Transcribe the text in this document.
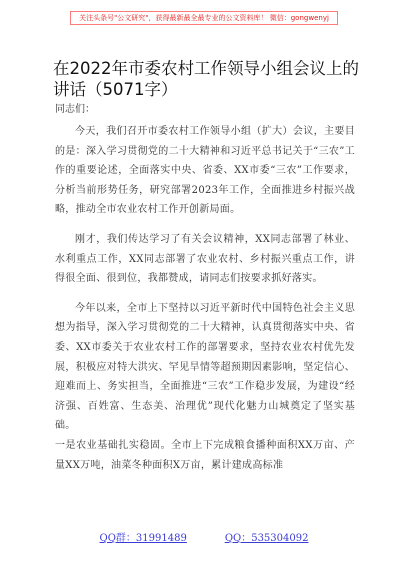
关注头条号"公文研究"，获得最新最全最专业的公文资料库！ 微信：gongwenyj
在2022年市委农村工作领导小组会议上的讲话（5071字）
同志们：

今天，我们召开市委农村工作领导小组（扩大）会议，主要目的是：深入学习贯彻党的二十大精神和习近平总书记关于“三农”工作的重要论述，全面落实中央、省委、XX市委“三农”工作要求，分析当前形势任务，研究部署2023年工作，全面推进乡村振兴战略，推动全市农业农村工作开创新局面。

刚才，我们传达学习了有关会议精神，XX同志部署了林业、水利重点工作，XX同志部署了农业农村、乡村振兴重点工作，讲得很全面、很到位，我都赞成，请同志们按要求抓好落实。

今年以来，全市上下坚持以习近平新时代中国特色社会主义思想为指导，深入学习贯彻党的二十大精神，认真贯彻落实中央、省委、XX市委关于农业农村工作的部署要求，坚持农业农村优先发展，积极应对特大洪灾、罕见旱情等超预期因素影响，坚定信心、迎难而上、务实担当，全面推进“三农”工作稳步发展，为建设“经济强、百姓富、生态美、治理优”现代化魅力山城奠定了坚实基础。

一是农业基础扎实稳固。全市上下完成粮食播种面积XX万亩、产量XX万吨，油菜冬种面积X万亩，累计建成高标准

QQ群：31991489	QQ：535304092
